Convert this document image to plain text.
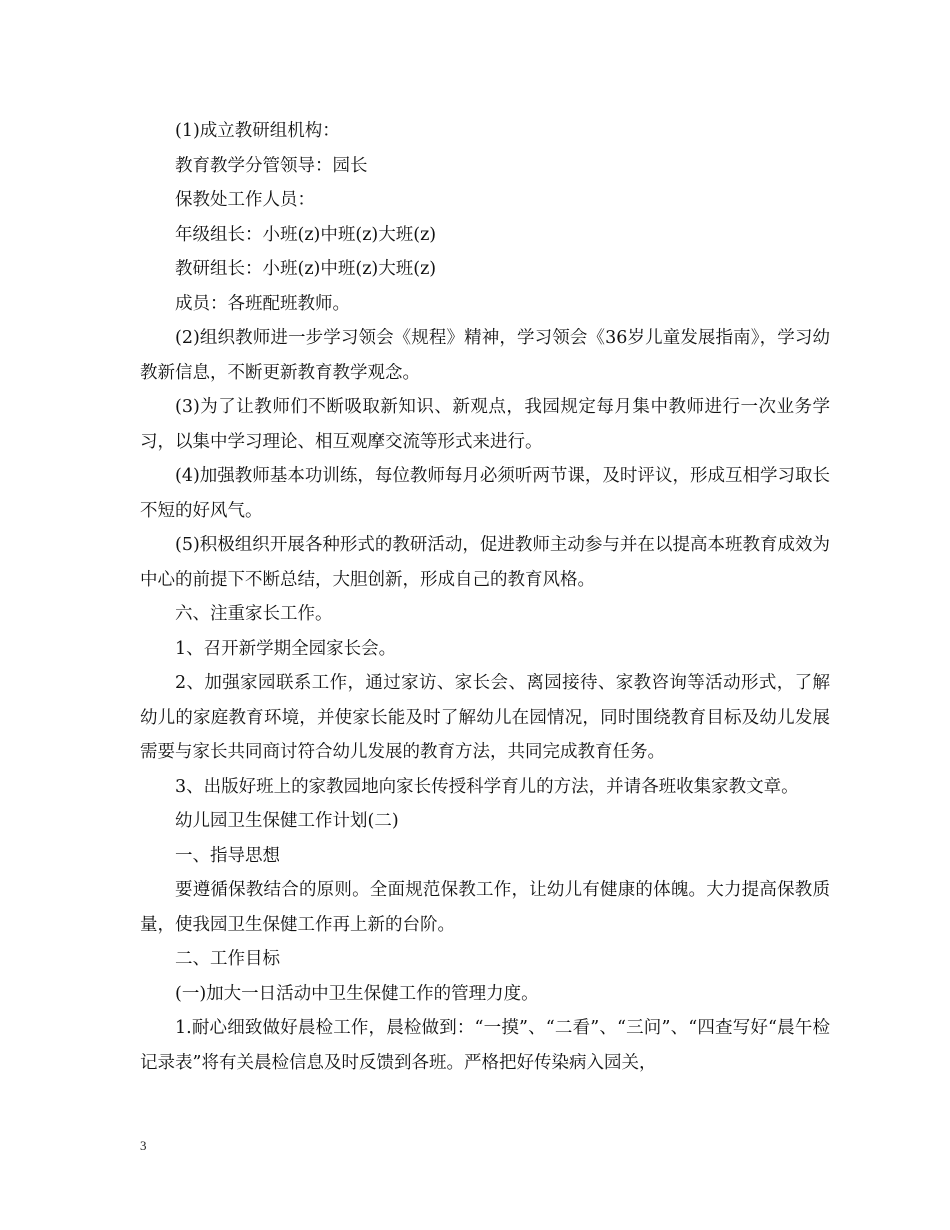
(1)成立教研组机构：

教育教学分管领导：园长

保教处工作人员：

年级组长：小班(z)中班(z)大班(z)

教研组长：小班(z)中班(z)大班(z)

成员：各班配班教师。

(2)组织教师进一步学习领会《规程》精神，学习领会《36岁儿童发展指南》，学习幼教新信息，不断更新教育教学观念。

(3)为了让教师们不断吸取新知识、新观点，我园规定每月集中教师进行一次业务学习，以集中学习理论、相互观摩交流等形式来进行。

(4)加强教师基本功训练，每位教师每月必须听两节课，及时评议，形成互相学习取长不短的好风气。

(5)积极组织开展各种形式的教研活动，促进教师主动参与并在以提高本班教育成效为中心的前提下不断总结，大胆创新，形成自己的教育风格。

六、注重家长工作。

1、召开新学期全园家长会。

2、加强家园联系工作，通过家访、家长会、离园接待、家教咨询等活动形式，了解幼儿的家庭教育环境，并使家长能及时了解幼儿在园情况，同时围绕教育目标及幼儿发展需要与家长共同商讨符合幼儿发展的教育方法，共同完成教育任务。

3、出版好班上的家教园地向家长传授科学育儿的方法，并请各班收集家教文章。

幼儿园卫生保健工作计划(二)

一、指导思想

要遵循保教结合的原则。全面规范保教工作，让幼儿有健康的体魄。大力提高保教质量，使我园卫生保健工作再上新的台阶。

二、工作目标

(一)加大一日活动中卫生保健工作的管理力度。

1.耐心细致做好晨检工作，晨检做到：“一摸”、“二看”、“三问”、“四查写好“晨午检记录表”将有关晨检信息及时反馈到各班。严格把好传染病入园关，

3
